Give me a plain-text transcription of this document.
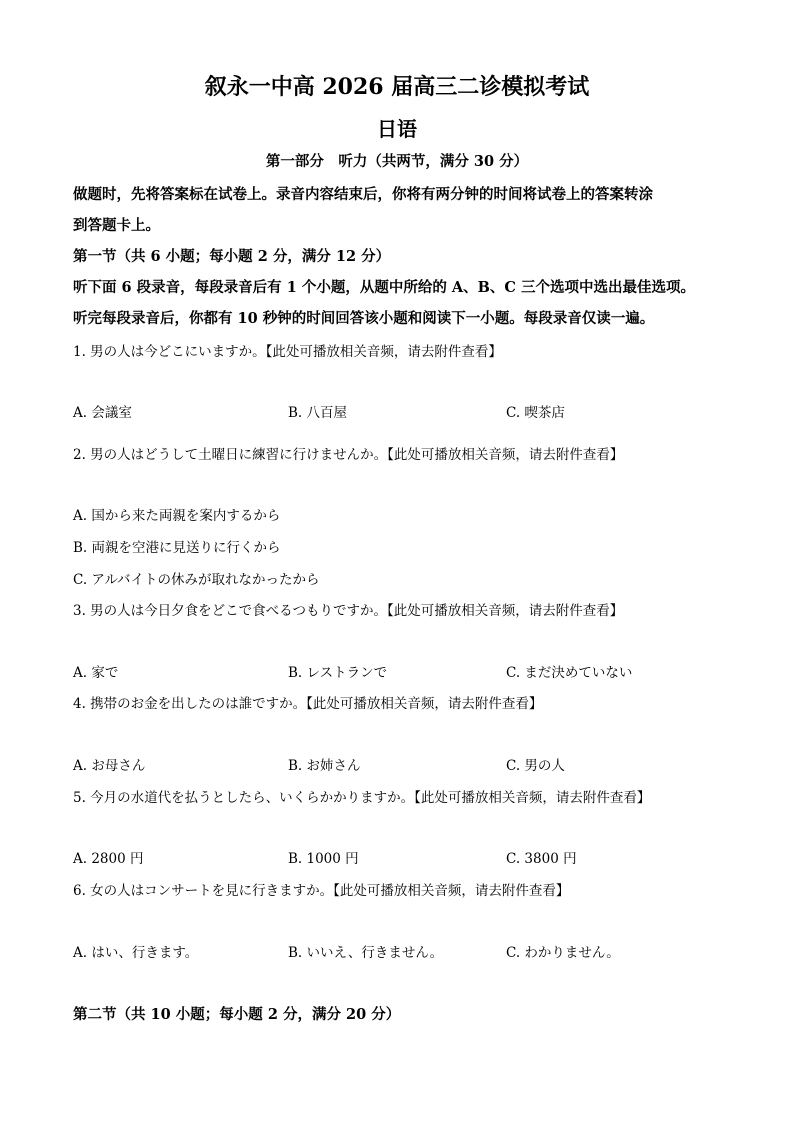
叙永一中高 2026 届高三二诊模拟考试
日语
第一部分　听力（共两节，满分 30 分）
做题时，先将答案标在试卷上。录音内容结束后，你将有两分钟的时间将试卷上的答案转涂
到答题卡上。
第一节（共 6 小题；每小题 2 分，满分 12 分）
听下面 6 段录音，每段录音后有 1 个小题，从题中所给的 A、B、C 三个选项中选出最佳选项。
听完每段录音后，你都有 10 秒钟的时间回答该小题和阅读下一小题。每段录音仅读一遍。
1. 男の人は今どこにいますか。【此处可播放相关音频，请去附件查看】
A. 会議室	B. 八百屋	C. 喫茶店
2. 男の人はどうして土曜日に練習に行けませんか。【此处可播放相关音频，请去附件查看】
A. 国から来た両親を案内するから
B. 両親を空港に見送りに行くから
C. アルバイトの休みが取れなかったから
3. 男の人は今日夕食をどこで食べるつもりですか。【此处可播放相关音频，请去附件查看】
A. 家で	B. レストランで	C. まだ決めていない
4. 携帯のお金を出したのは誰ですか。【此处可播放相关音频，请去附件查看】
A. お母さん	B. お姉さん	C. 男の人
5. 今月の水道代を払うとしたら、いくらかかりますか。【此处可播放相关音频，请去附件查看】
A. 2800 円	B. 1000 円	C. 3800 円
6. 女の人はコンサートを見に行きますか。【此处可播放相关音频，请去附件查看】
A. はい、行きます。	B. いいえ、行きません。	C. わかりません。
第二节（共 10 小题；每小题 2 分，满分 20 分）
